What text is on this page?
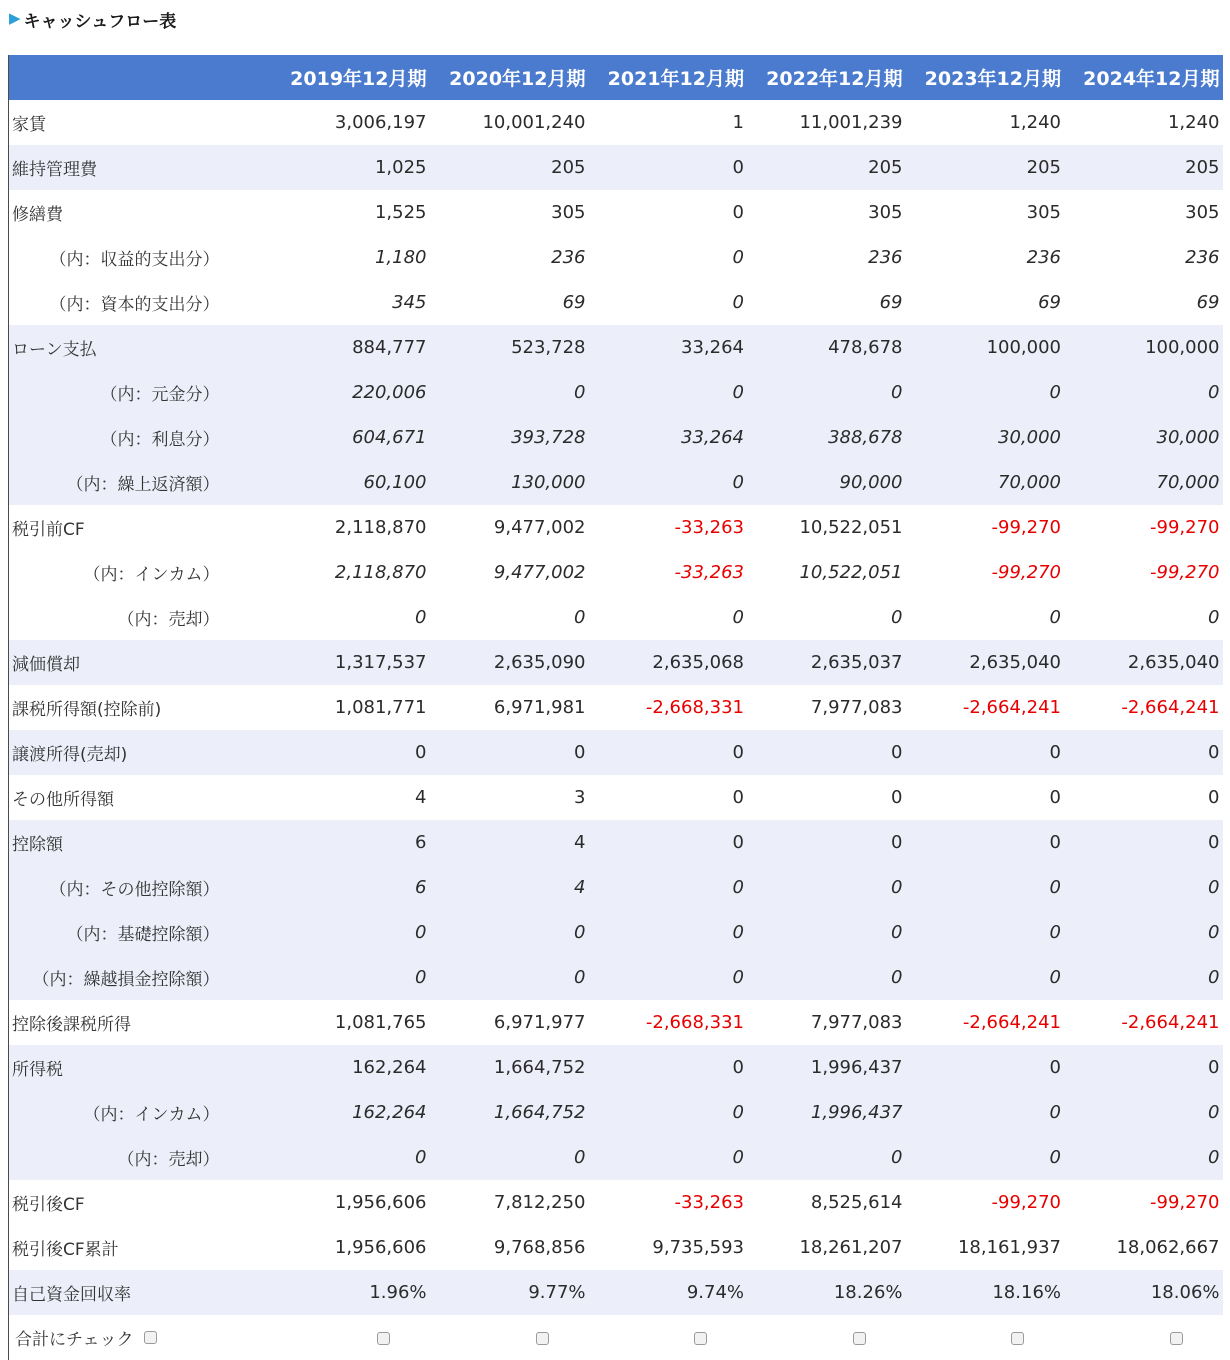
▶ キャッシュフロー表
	2019年12月期	2020年12月期	2021年12月期	2022年12月期	2023年12月期	2024年12月期
家賃	3,006,197	10,001,240	1	11,001,239	1,240	1,240
維持管理費	1,025	205	0	205	205	205
修繕費	1,525	305	0	305	305	305
（内：収益的支出分）	1,180	236	0	236	236	236
（内：資本的支出分）	345	69	0	69	69	69
ローン支払	884,777	523,728	33,264	478,678	100,000	100,000
（内：元金分）	220,006	0	0	0	0	0
（内：利息分）	604,671	393,728	33,264	388,678	30,000	30,000
（内：繰上返済額）	60,100	130,000	0	90,000	70,000	70,000
税引前CF	2,118,870	9,477,002	-33,263	10,522,051	-99,270	-99,270
（内：インカム）	2,118,870	9,477,002	-33,263	10,522,051	-99,270	-99,270
（内：売却）	0	0	0	0	0	0
減価償却	1,317,537	2,635,090	2,635,068	2,635,037	2,635,040	2,635,040
課税所得額(控除前)	1,081,771	6,971,981	-2,668,331	7,977,083	-2,664,241	-2,664,241
譲渡所得(売却)	0	0	0	0	0	0
その他所得額	4	3	0	0	0	0
控除額	6	4	0	0	0	0
（内：その他控除額）	6	4	0	0	0	0
（内：基礎控除額）	0	0	0	0	0	0
（内：繰越損金控除額）	0	0	0	0	0	0
控除後課税所得	1,081,765	6,971,977	-2,668,331	7,977,083	-2,664,241	-2,664,241
所得税	162,264	1,664,752	0	1,996,437	0	0
（内：インカム）	162,264	1,664,752	0	1,996,437	0	0
（内：売却）	0	0	0	0	0	0
税引後CF	1,956,606	7,812,250	-33,263	8,525,614	-99,270	-99,270
税引後CF累計	1,956,606	9,768,856	9,735,593	18,261,207	18,161,937	18,062,667
自己資金回収率	1.96%	9.77%	9.74%	18.26%	18.16%	18.06%

合計にチェック						
